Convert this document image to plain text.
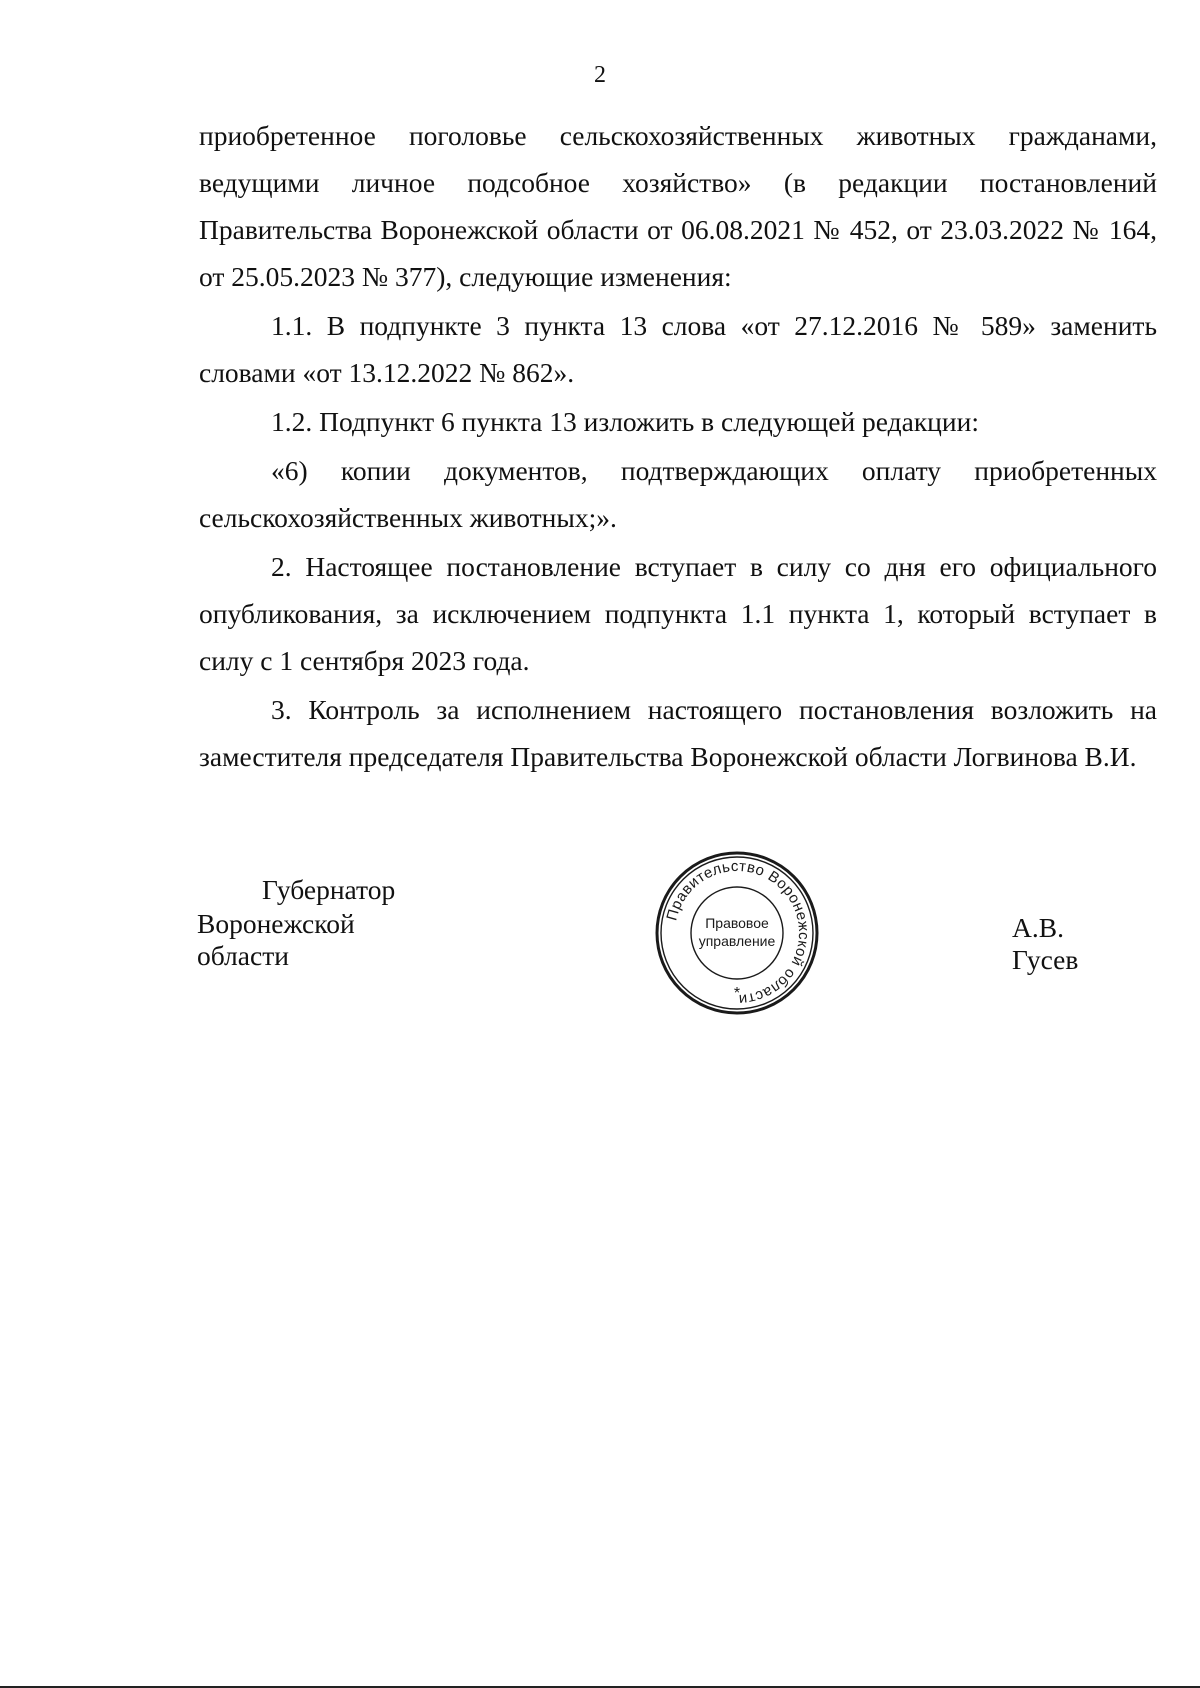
2

приобретенное поголовье сельскохозяйственных животных гражданами, ведущими личное подсобное хозяйство» (в редакции постановлений Правительства Воронежской области от 06.08.2021 № 452, от 23.03.2022 № 164, от 25.05.2023 № 377), следующие изменения:

1.1. В подпункте 3 пункта 13 слова «от 27.12.2016 № 589» заменить словами «от 13.12.2022 № 862».

1.2. Подпункт 6 пункта 13 изложить в следующей редакции:

«6) копии документов, подтверждающих оплату приобретенных сельскохозяйственных животных;».

2. Настоящее постановление вступает в силу со дня его официального опубликования, за исключением подпункта 1.1 пункта 1, который вступает в силу с 1 сентября 2023 года.

3. Контроль за исполнением настоящего постановления возложить на заместителя председателя Правительства Воронежской области Логвинова В.И.

Губернатор
Воронежской области
А.В. Гусев
Правительство Воронежской области
Правовое
управление
*
